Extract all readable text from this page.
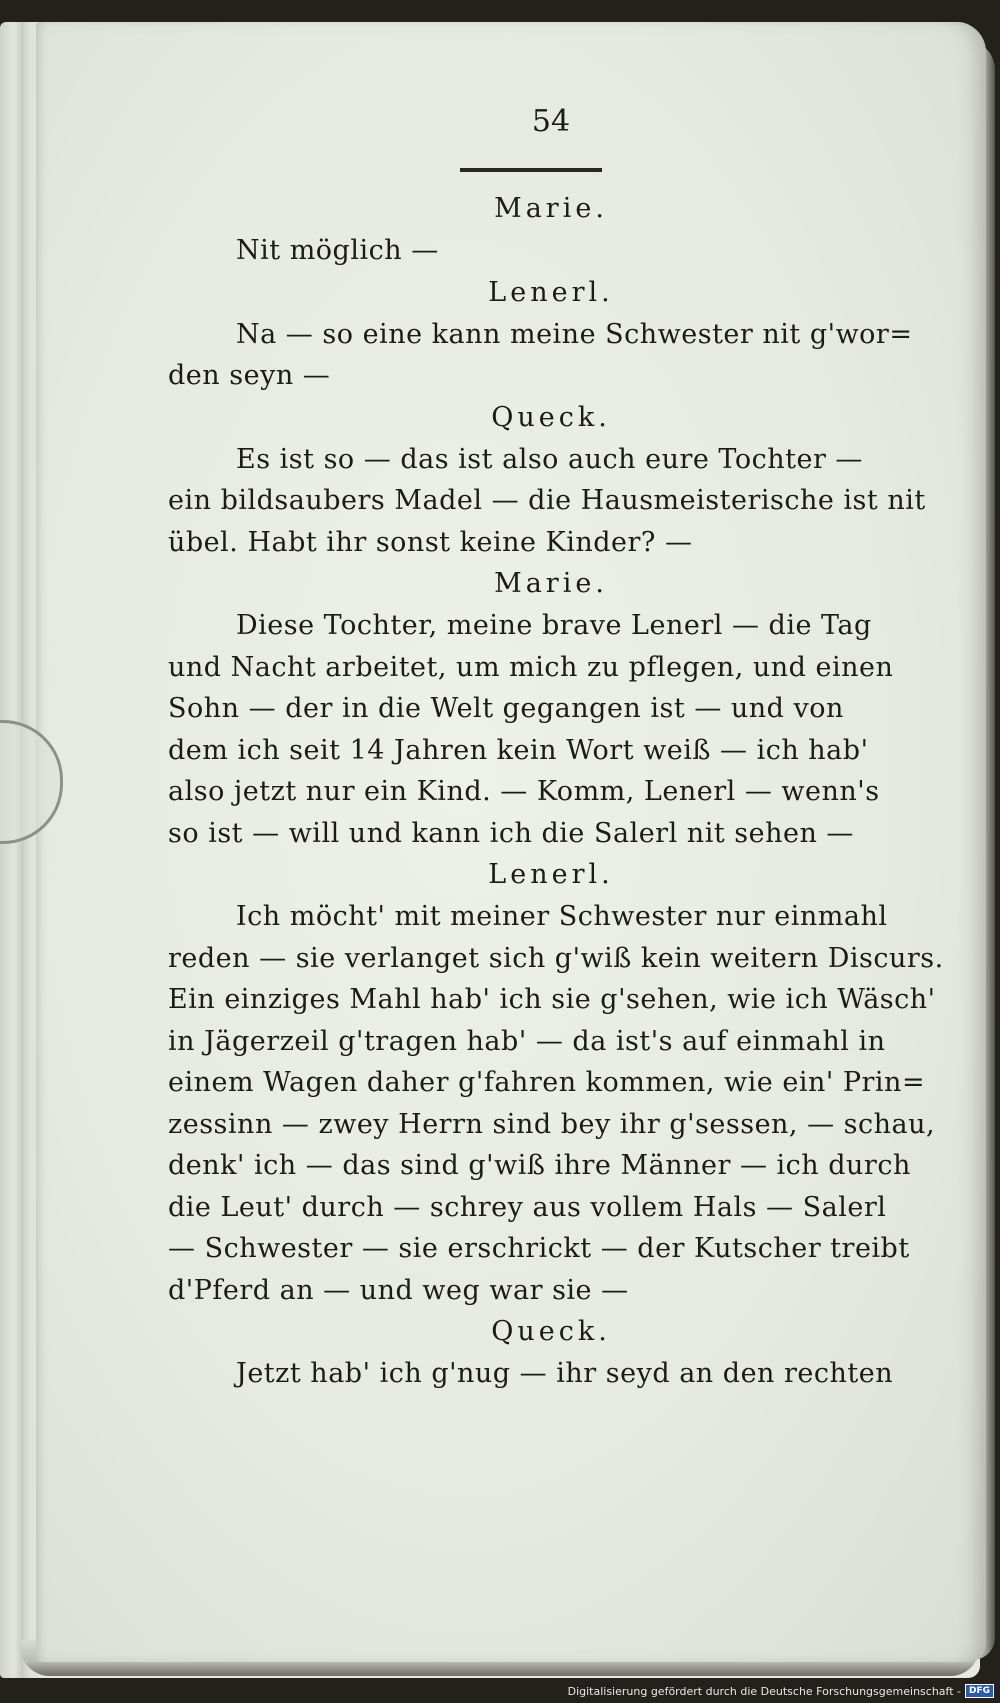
54
Marie.
Nit möglich —
Lenerl.
Na — so eine kann meine Schwester nit g'wor=
den seyn —
Queck.
Es ist so — das ist also auch eure Tochter —
ein bildsaubers Madel — die Hausmeisterische ist nit
übel. Habt ihr sonst keine Kinder? —
Marie.
Diese Tochter, meine brave Lenerl — die Tag
und Nacht arbeitet, um mich zu pflegen, und einen
Sohn — der in die Welt gegangen ist — und von
dem ich seit 14 Jahren kein Wort weiß — ich hab'
also jetzt nur ein Kind. — Komm, Lenerl — wenn's
so ist — will und kann ich die Salerl nit sehen —
Lenerl.
Ich möcht' mit meiner Schwester nur einmahl
reden — sie verlanget sich g'wiß kein weitern Discurs.
Ein einziges Mahl hab' ich sie g'sehen, wie ich Wäsch'
in Jägerzeil g'tragen hab' — da ist's auf einmahl in
einem Wagen daher g'fahren kommen, wie ein' Prin=
zessinn — zwey Herrn sind bey ihr g'sessen, — schau,
denk' ich — das sind g'wiß ihre Männer — ich durch
die Leut' durch — schrey aus vollem Hals — Salerl
— Schwester — sie erschrickt — der Kutscher treibt
d'Pferd an — und weg war sie —
Queck.
Jetzt hab' ich g'nug — ihr seyd an den rechten
Digitalisierung gefördert durch die Deutsche Forschungsgemeinschaft - DFG
